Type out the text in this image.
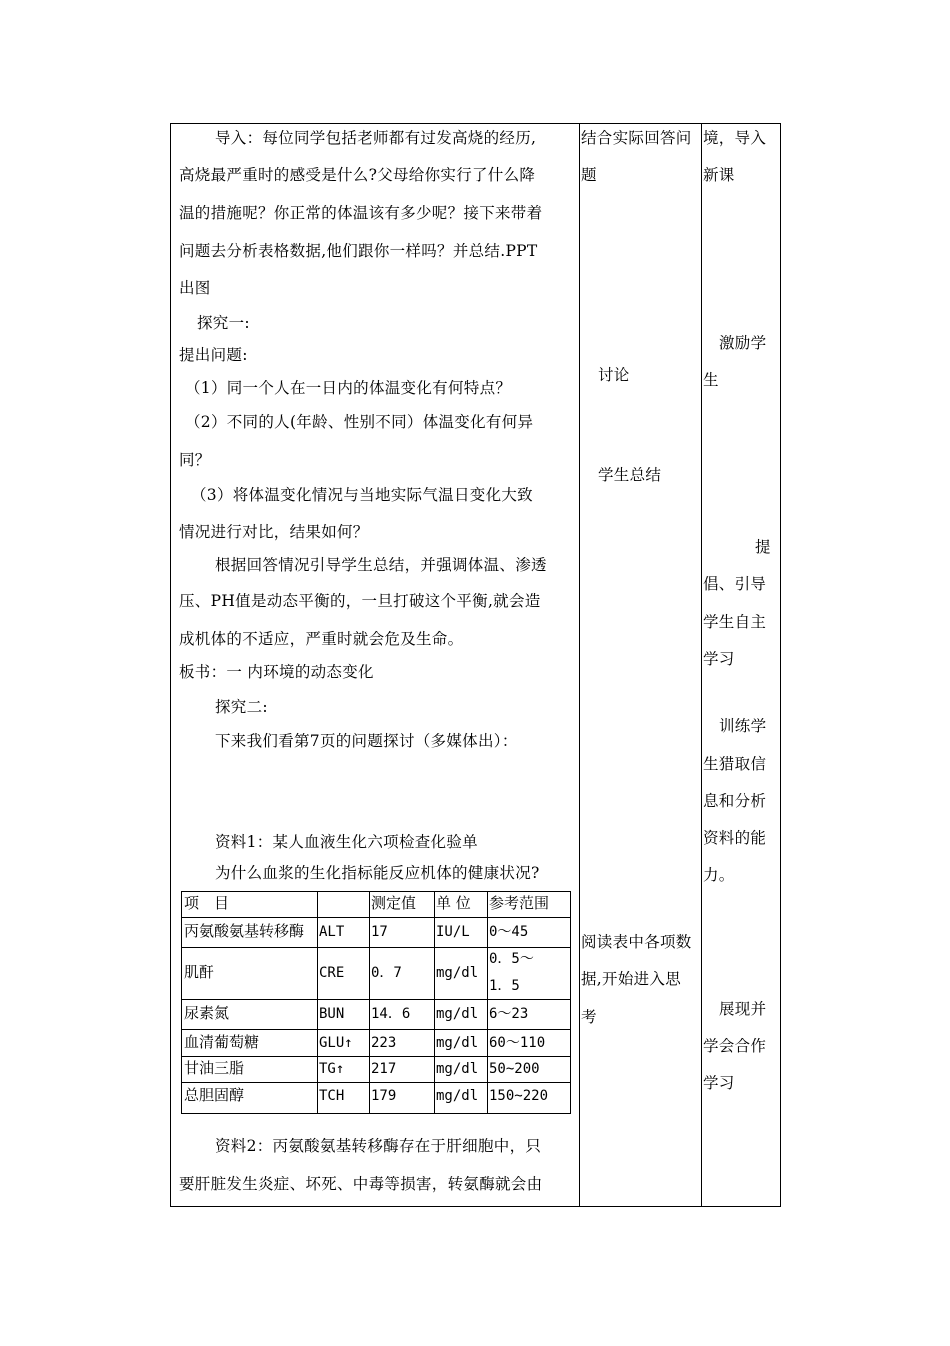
导入：每位同学包括老师都有过发高烧的经历,
高烧最严重时的感受是什么?父母给你实行了什么降
温的措施呢？你正常的体温该有多少呢？接下来带着
问题去分析表格数据,他们跟你一样吗？并总结.PPT
出图
探究一:
提出问题:
（1）同一个人在一日内的体温变化有何特点？
（2）不同的人(年龄、性别不同）体温变化有何异
同？
（3）将体温变化情况与当地实际气温日变化大致
情况进行对比，结果如何？
根据回答情况引导学生总结，并强调体温、渗透
压、PH值是动态平衡的，一旦打破这个平衡,就会造
成机体的不适应，严重时就会危及生命。
板书：一 内环境的动态变化
探究二:
下来我们看第7页的问题探讨（多媒体出）：
资料1：某人血液生化六项检查化验单
为什么血浆的生化指标能反应机体的健康状况?
项　目	测定值 单 位 参考范围
丙氨酸氨基转移酶 ALT 17	IU/L 0～45
肌酐	CRE 0．7 mg/dl
0．5～
1．5
尿素氮	BUN 14．6 mg/dl 6～23
血清葡萄糖	GLU↑ 223	mg/dl 60～110
甘油三脂	TG↑ 217	mg/dl 50~200
总胆固醇	TCH 179	mg/dl 150~220
资料2：丙氨酸氨基转移酶存在于肝细胞中，只
要肝脏发生炎症、坏死、中毒等损害，转氨酶就会由
结合实际回答问
题
讨论
学生总结
阅读表中各项数
据,开始进入思
考
境，导入
新课
激励学
生
提
倡、引导
学生自主
学习
训练学
生猎取信
息和分析
资料的能
力。
展现并
学会合作
学习
